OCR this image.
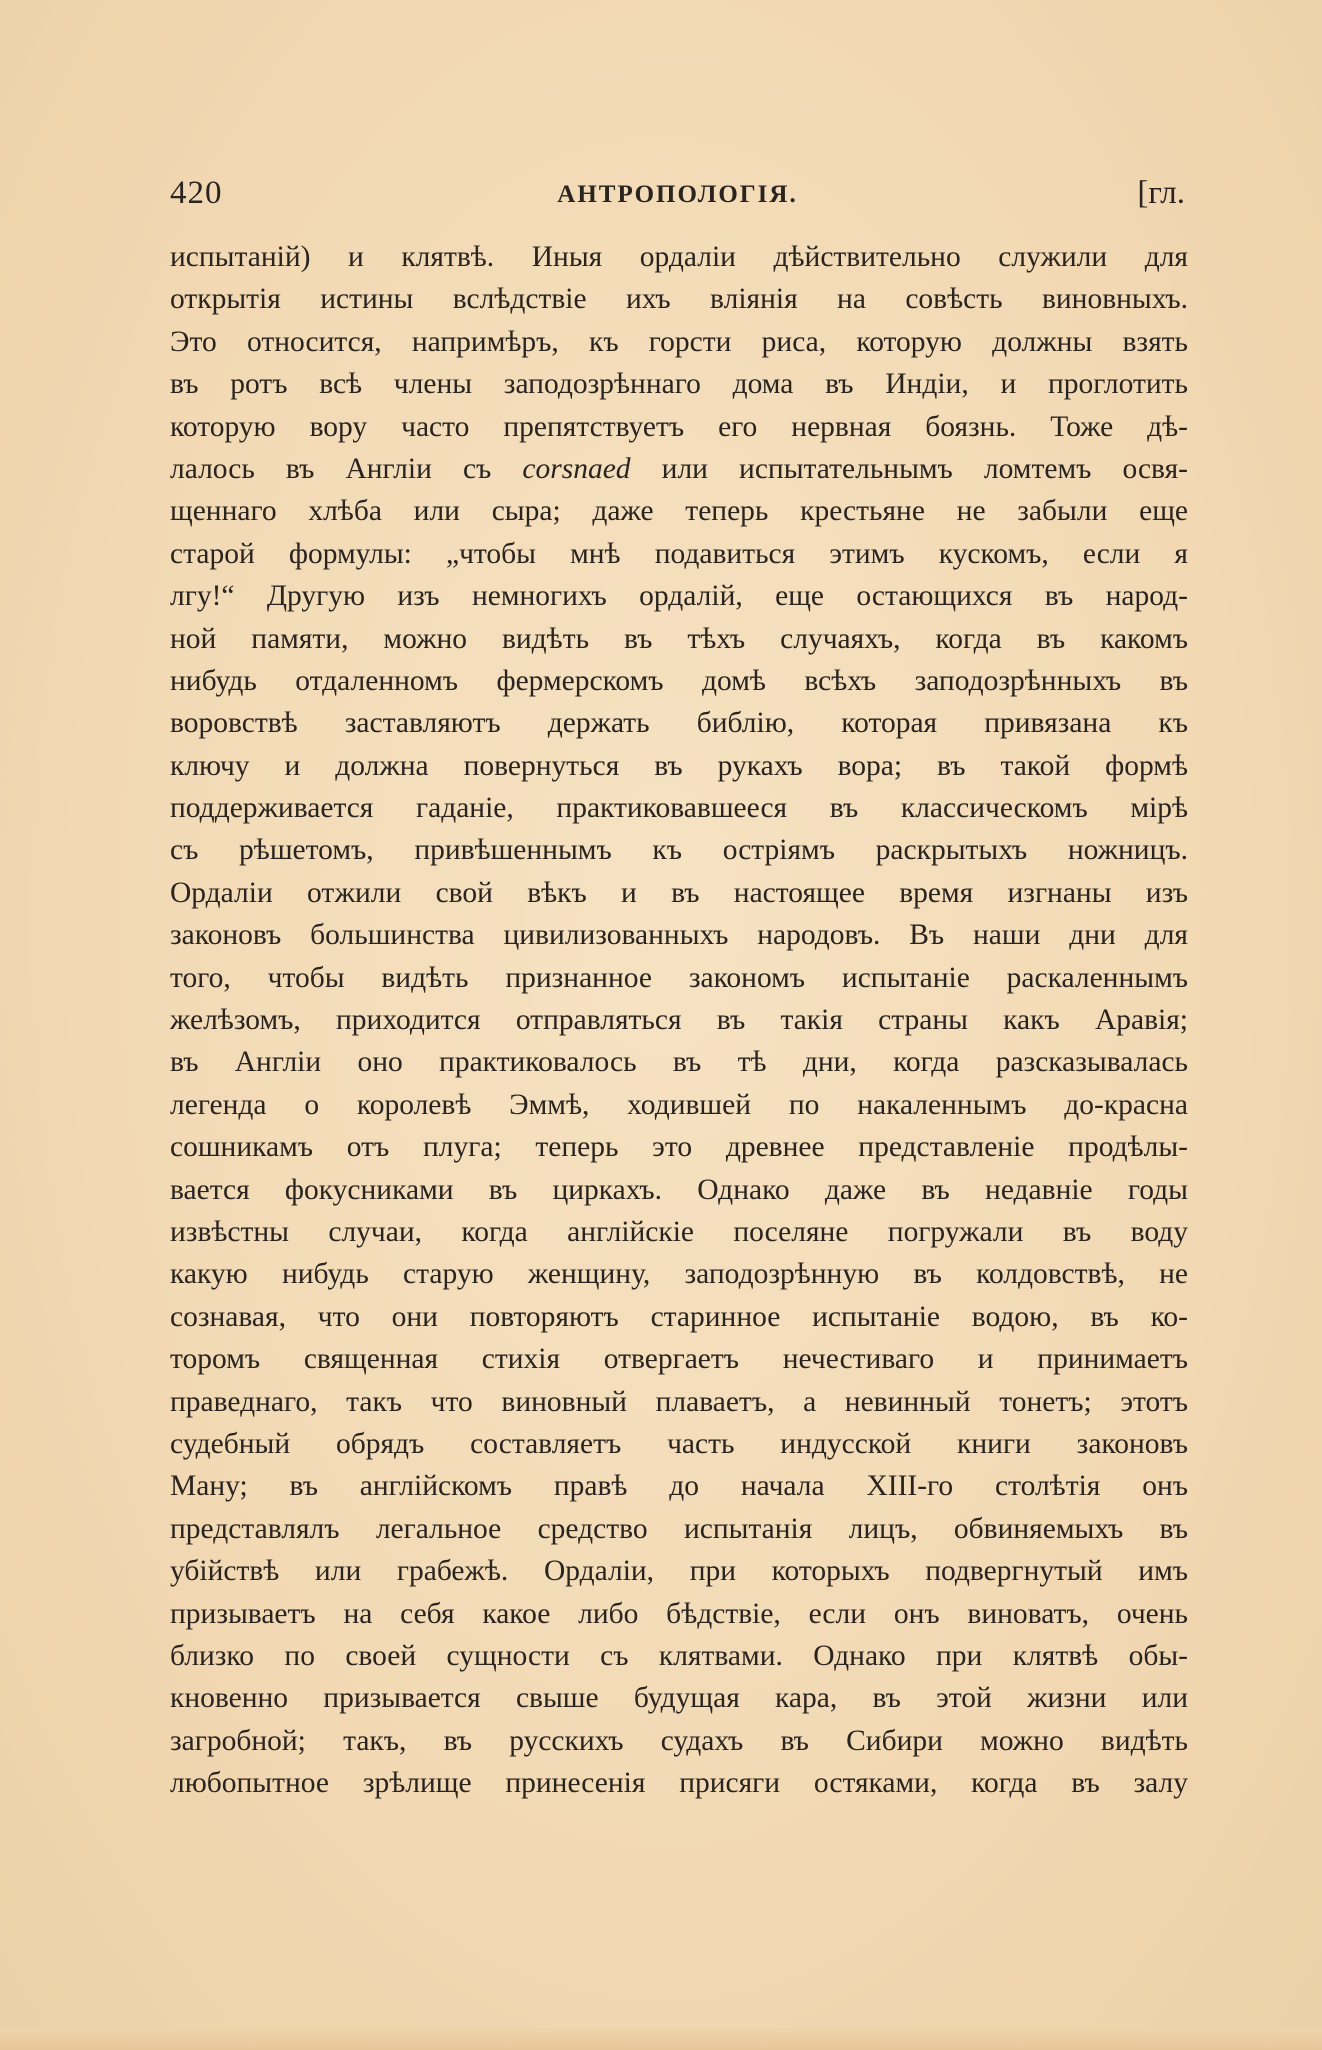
420	АНТРОПОЛОГIЯ.	[гл.
испытаній) и клятвѣ. Иныя ордаліи дѣйствительно служили для
открытія истины вслѣдствіе ихъ вліянія на совѣсть виновныхъ.
Это относится, напримѣръ, къ горсти риса, которую должны взять
въ ротъ всѣ члены заподозрѣннаго дома въ Индіи, и проглотить
которую вору часто препятствуетъ его нервная боязнь. Тоже дѣ-
лалось въ Англіи съ corsnaed или испытательнымъ ломтемъ освя-
щеннаго хлѣба или сыра; даже теперь крестьяне не забыли еще
старой формулы: „чтобы мнѣ подавиться этимъ кускомъ, если я
лгу!“ Другую изъ немногихъ ордалій, еще остающихся въ народ-
ной памяти, можно видѣть въ тѣхъ случаяхъ, когда въ какомъ
нибудь отдаленномъ фермерскомъ домѣ всѣхъ заподозрѣнныхъ въ
воровствѣ заставляютъ держать библію, которая привязана къ
ключу и должна повернуться въ рукахъ вора; въ такой формѣ
поддерживается гаданіе, практиковавшееся въ классическомъ мірѣ
съ рѣшетомъ, привѣшеннымъ къ остріямъ раскрытыхъ ножницъ.
Ордаліи отжили свой вѣкъ и въ настоящее время изгнаны изъ
законовъ большинства цивилизованныхъ народовъ. Въ наши дни для
того, чтобы видѣть признанное закономъ испытаніе раскаленнымъ
желѣзомъ, приходится отправляться въ такія страны какъ Аравія;
въ Англіи оно практиковалось въ тѣ дни, когда разсказывалась
легенда о королевѣ Эммѣ, ходившей по накаленнымъ до-красна
сошникамъ отъ плуга; теперь это древнее представленіе продѣлы-
вается фокусниками въ циркахъ. Однако даже въ недавніе годы
извѣстны случаи, когда англійскіе поселяне погружали въ воду
какую нибудь старую женщину, заподозрѣнную въ колдовствѣ, не
сознавая, что они повторяютъ старинное испытаніе водою, въ ко-
торомъ священная стихія отвергаетъ нечестиваго и принимаетъ
праведнаго, такъ что виновный плаваетъ, а невинный тонетъ; этотъ
судебный обрядъ составляетъ часть индусской книги законовъ
Ману; въ англійскомъ правѣ до начала XIII-го столѣтія онъ
представлялъ легальное средство испытанія лицъ, обвиняемыхъ въ
убійствѣ или грабежѣ. Ордаліи, при которыхъ подвергнутый имъ
призываетъ на себя какое либо бѣдствіе, если онъ виноватъ, очень
близко по своей сущности съ клятвами. Однако при клятвѣ обы-
кновенно призывается свыше будущая кара, въ этой жизни или
загробной; такъ, въ русскихъ судахъ въ Сибири можно видѣть
любопытное зрѣлище принесенія присяги остяками, когда въ залу
